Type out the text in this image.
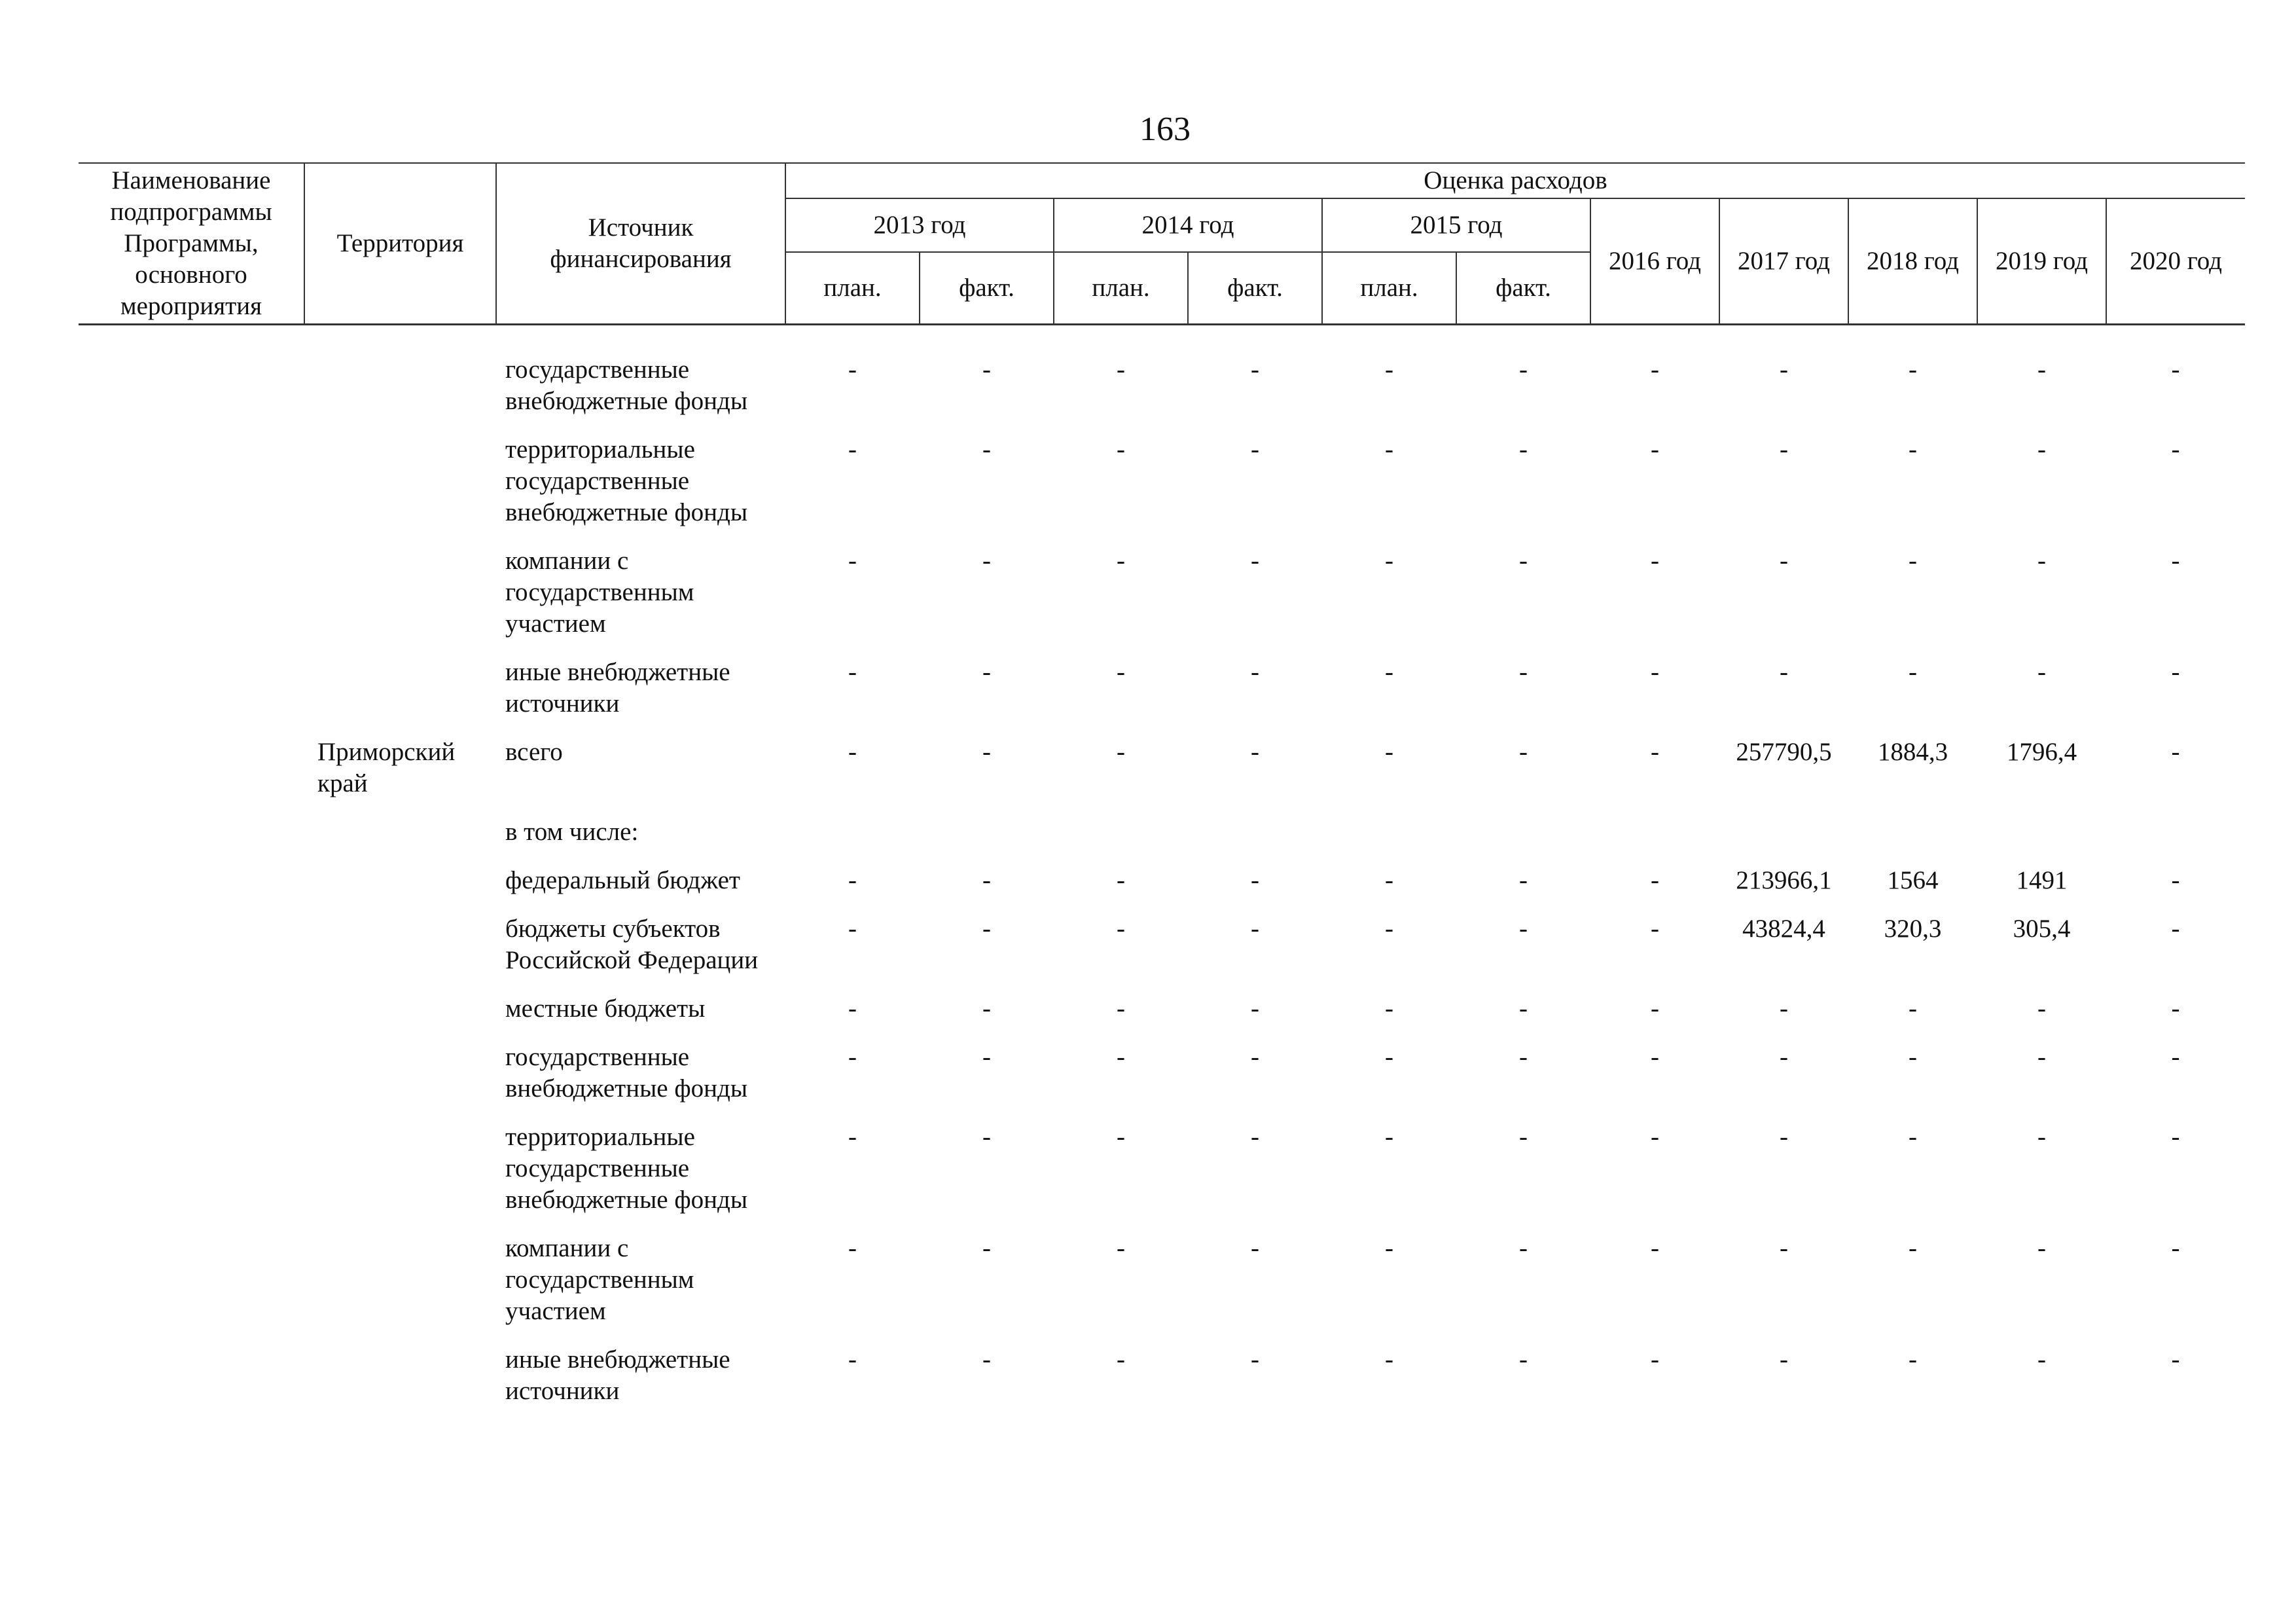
163
Наименование подпрограммы Программы, основного мероприятия	Территория	Источник финансирования	Оценка расходов										
			2013 год		2014 год		2015 год		2016 год	2017 год	2018 год	2019 год	2020 год
			план.	факт.	план.	факт.	план.	факт.					

		государственные внебюджетные фонды	-	-	-	-	-	-	-	-	-	-	-
		территориальные государственные внебюджетные фонды	-	-	-	-	-	-	-	-	-	-	-
		компании с государственным участием	-	-	-	-	-	-	-	-	-	-	-
		иные внебюджетные источники	-	-	-	-	-	-	-	-	-	-	-
	Приморский край	всего	-	-	-	-	-	-	-	257790,5	1884,3	1796,4	-
		в том числе:											
		федеральный бюджет	-	-	-	-	-	-	-	213966,1	1564	1491	-
		бюджеты субъектов Российской Федерации	-	-	-	-	-	-	-	43824,4	320,3	305,4	-
		местные бюджеты	-	-	-	-	-	-	-	-	-	-	-
		государственные внебюджетные фонды	-	-	-	-	-	-	-	-	-	-	-
		территориальные государственные внебюджетные фонды	-	-	-	-	-	-	-	-	-	-	-
		компании с государственным участием	-	-	-	-	-	-	-	-	-	-	-
		иные внебюджетные источники	-	-	-	-	-	-	-	-	-	-	-
